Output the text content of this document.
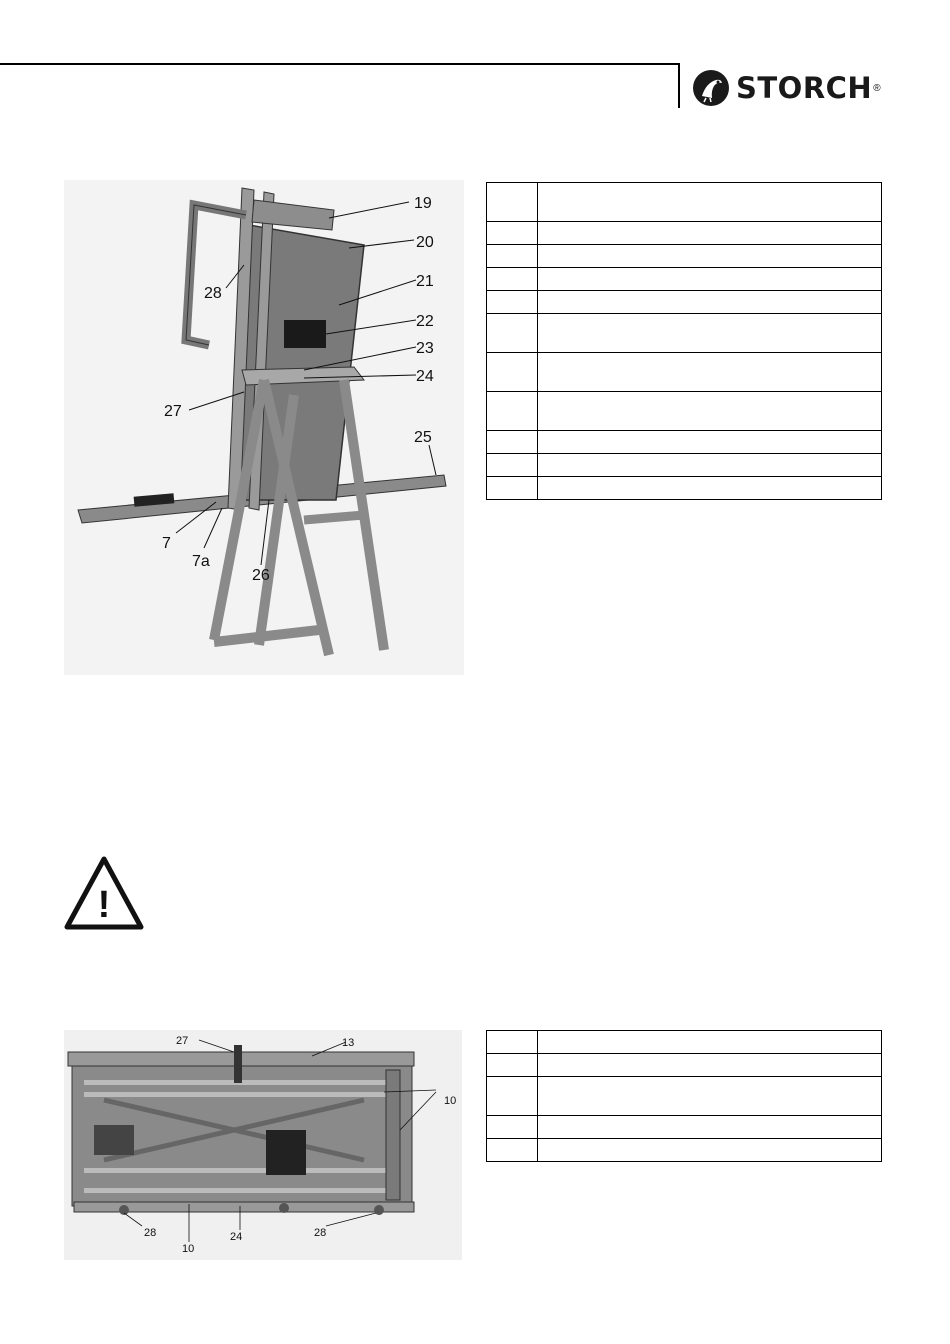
STORCH ®
19
20
21
22
23
24
25
26
27
28
7
7a

!
27	13
10
28
10
24	28
